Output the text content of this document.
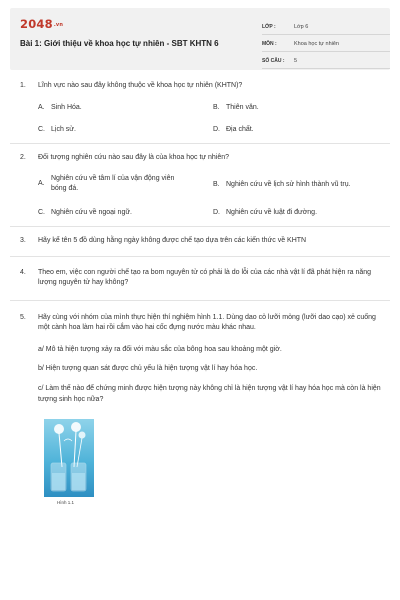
2048.vn
Bài 1: Giới thiệu về khoa học tự nhiên - SBT KHTN 6
LỚP :	Lớp 6
MÔN :	Khoa học tự nhiên
SỐ CÂU :	5
1. Lĩnh vực nào sau đây không thuộc về khoa học tự nhiên (KHTN)?
A. Sinh Hóa.	B. Thiên văn.
C. Lịch sử.	D. Địa chất.
2. Đối tượng nghiên cứu nào sau đây là của khoa học tự nhiên?
A.Nghiên cứu về tâm lí của vận động viên bóng đá.
B. Nghiên cứu về lịch sử hình thành vũ trụ.
C. Nghiên cứu về ngoại ngữ.	D. Nghiên cứu về luật đi đường.
3. Hãy kể tên 5 đồ dùng hằng ngày không được chế tạo dựa trên các kiến thức về KHTN
4. Theo em, việc con người chế tạo ra bom nguyên tử có phải là do lỗi của các nhà vật lí đã phát hiện ra năng lượng nguyên tử hay không?
5. Hãy cùng với nhóm của mình thực hiện thí nghiệm hình 1.1. Dùng dao cỏ lưỡi mỏng (lưỡi dao cạo) xẻ cuống một cành hoa làm hai rồi cắm vào hai cốc đựng nước màu khác nhau.
a/ Mô tả hiện tượng xảy ra đối với màu sắc của bông hoa sau khoảng một giờ.
b/ Hiện tượng quan sát được chủ yếu là hiện tượng vật lí hay hóa học.
c/ Làm thế nào để chứng minh được hiện tượng này không chỉ là hiện tượng vật lí hay hóa học mà còn là hiện tượng sinh học nữa?
Hình 1.1
